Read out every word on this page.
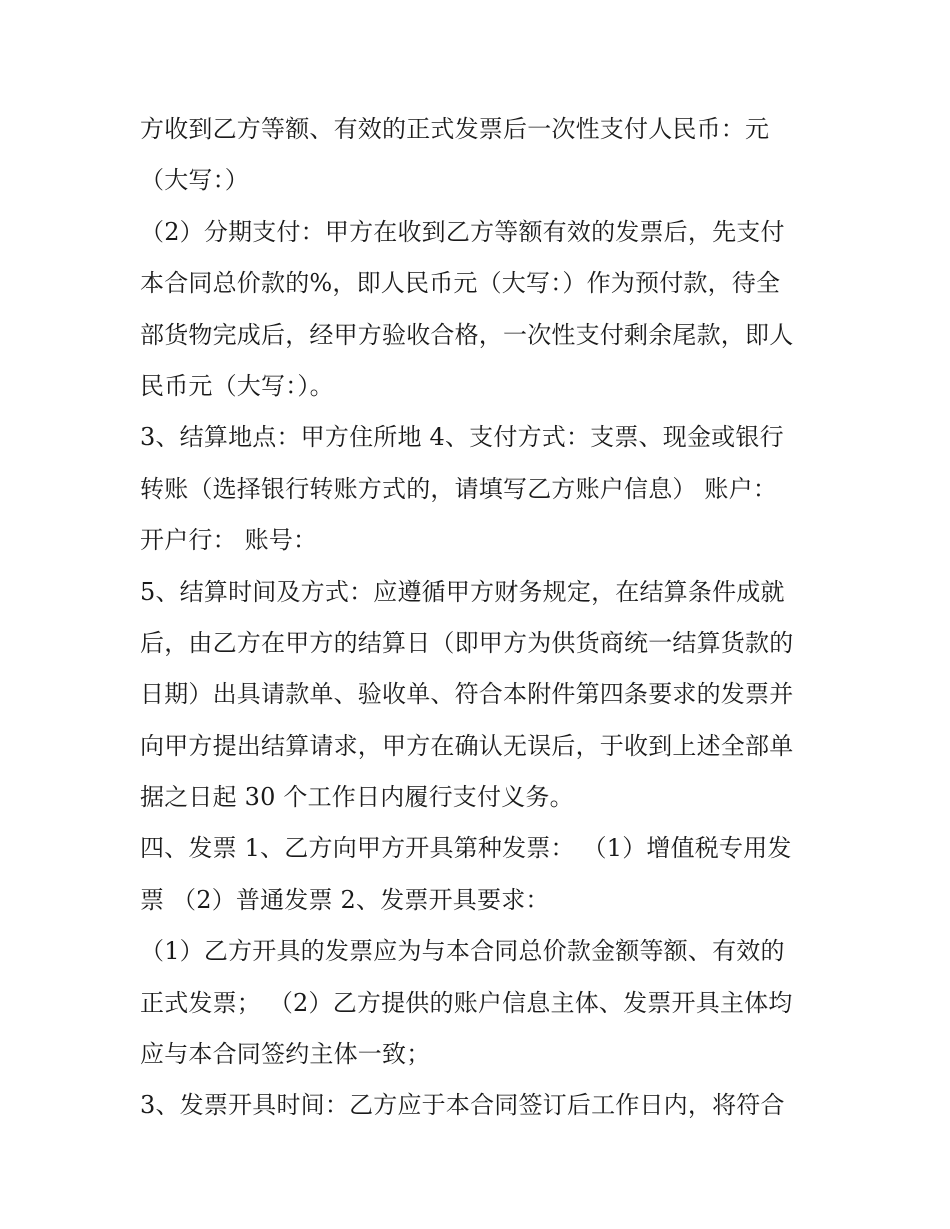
方收到乙方等额、有效的正式发票后一次性支付人民币：元
（大写：）
（2）分期支付：甲方在收到乙方等额有效的发票后，先支付
本合同总价款的%，即人民币元（大写：）作为预付款，待全
部货物完成后，经甲方验收合格，一次性支付剩余尾款，即人
民币元（大写：）。
3、结算地点：甲方住所地 4、支付方式：支票、现金或银行
转账（选择银行转账方式的，请填写乙方账户信息） 账户：
开户行： 账号：
5、结算时间及方式：应遵循甲方财务规定，在结算条件成就
后，由乙方在甲方的结算日（即甲方为供货商统一结算货款的
日期）出具请款单、验收单、符合本附件第四条要求的发票并
向甲方提出结算请求，甲方在确认无误后，于收到上述全部单
据之日起 30 个工作日内履行支付义务。
四、发票 1、乙方向甲方开具第种发票： （1）增值税专用发
票 （2）普通发票 2、发票开具要求：
（1）乙方开具的发票应为与本合同总价款金额等额、有效的
正式发票； （2）乙方提供的账户信息主体、发票开具主体均
应与本合同签约主体一致；
3、发票开具时间：乙方应于本合同签订后工作日内，将符合
